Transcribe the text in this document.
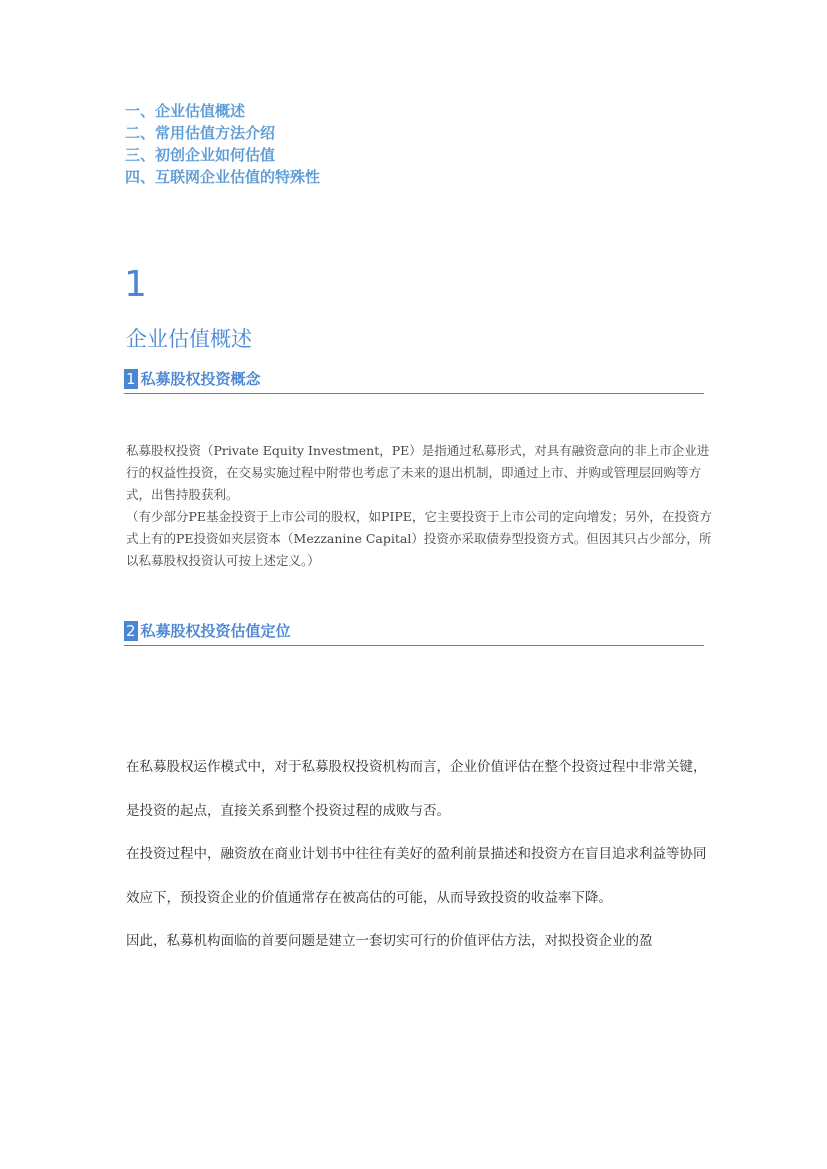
一、企业估值概述
二、常用估值方法介绍
三、初创企业如何估值
四、互联网企业估值的特殊性
1
企业估值概述
1 私募股权投资概念

私募股权投资（Private Equity Investment，PE）是指通过私募形式，对具有融资意向的非上市企业进行的权益性投资，在交易实施过程中附带也考虑了未来的退出机制，即通过上市、并购或管理层回购等方式，出售持股获利。

（有少部分PE基金投资于上市公司的股权，如PIPE，它主要投资于上市公司的定向增发；另外，在投资方式上有的PE投资如夹层资本（Mezzanine Capital）投资亦采取债券型投资方式。但因其只占少部分，所以私募股权投资认可按上述定义。）

2 私募股权投资估值定位

在私募股权运作模式中，对于私募股权投资机构而言，企业价值评估在整个投资过程中非常关键，是投资的起点，直接关系到整个投资过程的成败与否。

在投资过程中，融资放在商业计划书中往往有美好的盈利前景描述和投资方在盲目追求利益等协同效应下，预投资企业的价值通常存在被高估的可能，从而导致投资的收益率下降。

因此，私募机构面临的首要问题是建立一套切实可行的价值评估方法，对拟投资企业的盈
